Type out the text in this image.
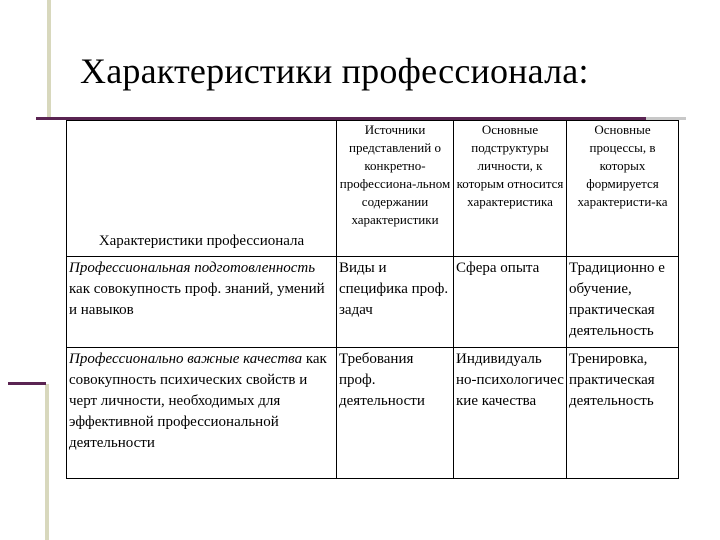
Характеристики профессионала:
Характеристики профессионала	Источники представлений о конкретно-профессиона-льном содержании характеристики	Основные подструктуры личности, к которым относится характеристика	Основные процессы, в которых формируется характеристи-ка
Профессиональная подготовленность как совокупность проф. знаний, умений и навыков	Виды и специфика проф. задач	Сфера опыта	Традиционно е обучение, практическая деятельность
Профессионально важные качества как совокупность психических свойств и черт личности, необходимых для эффективной профессиональной деятельности	Требования проф. деятельности	Индивидуаль но-психологичес кие качества	Тренировка, практическая деятельность
